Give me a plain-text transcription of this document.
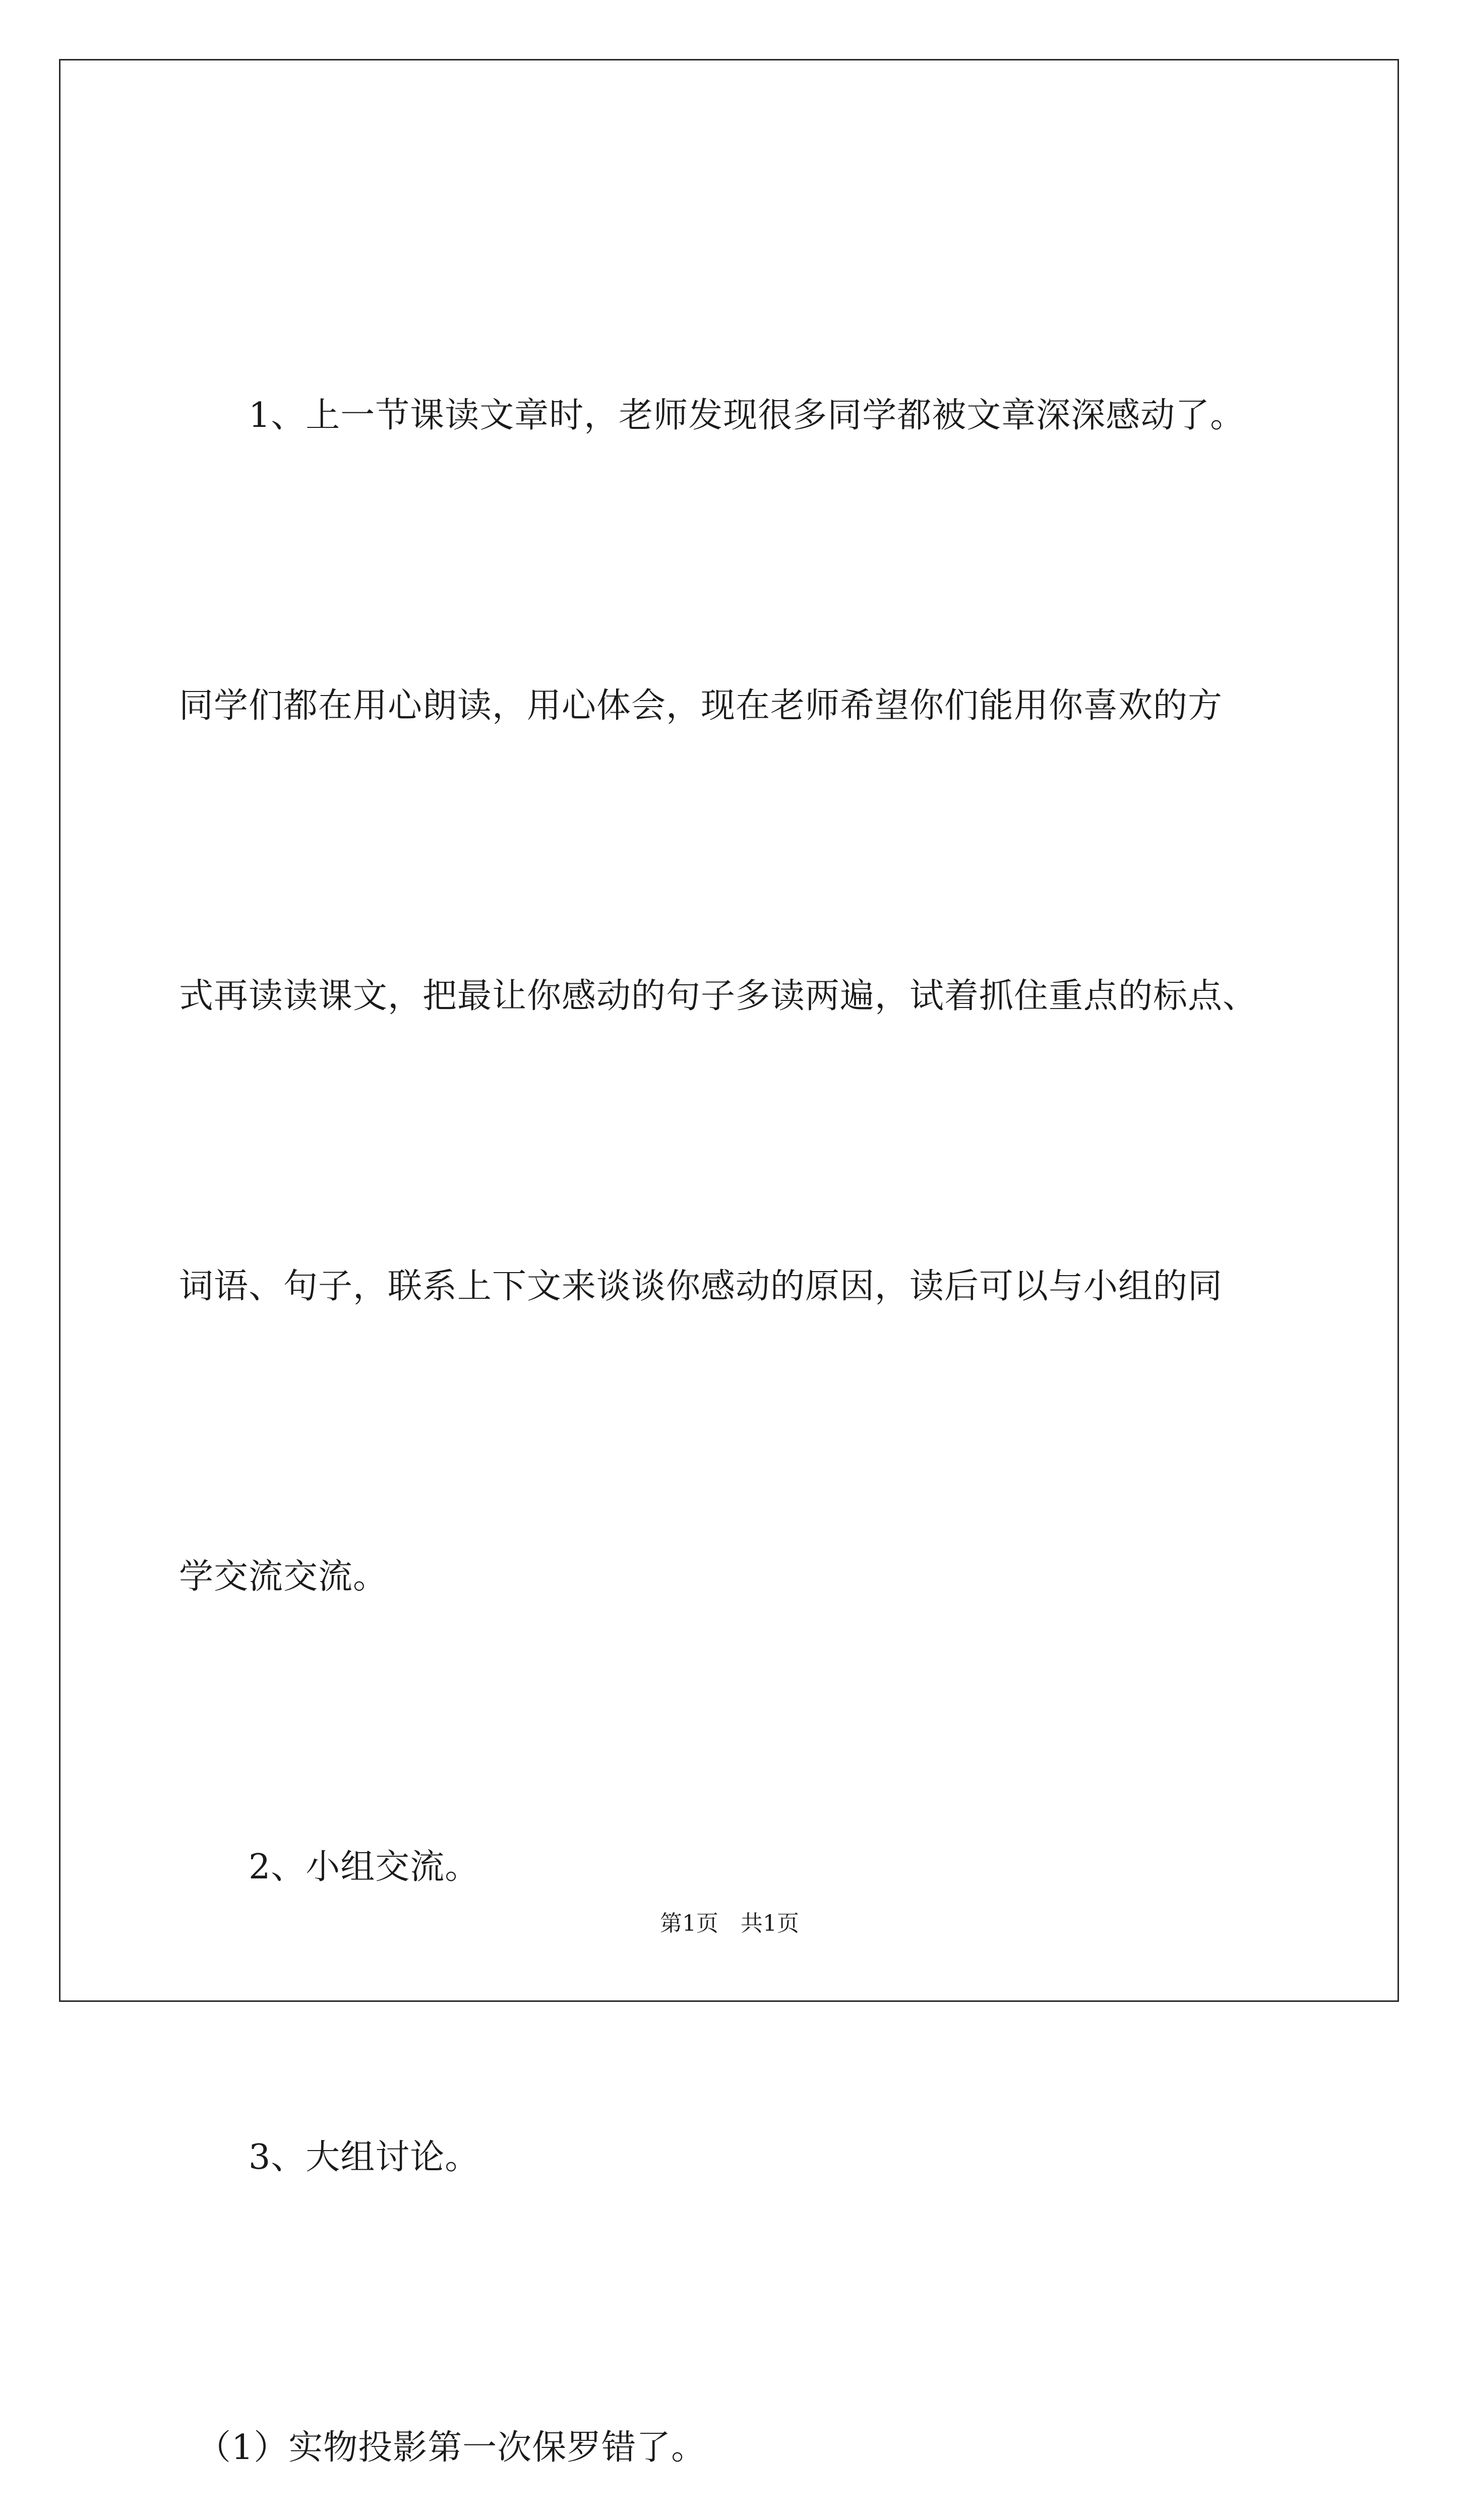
　　1、上一节课读文章时，老师发现很多同学都被文章深深感动了。

同学们都在用心朗读，用心体会，现在老师希望你们能用你喜欢的方

式再读读课文，把最让你感动的句子多读两遍，试着抓住重点的标点、

词语、句子，联系上下文来谈谈你感动的原因，读后可以与小组的同

学交流交流。

　　2、小组交流。

　　3、大组讨论。

　（1）实物投影第一次保罗错了。

第1页　共1页
